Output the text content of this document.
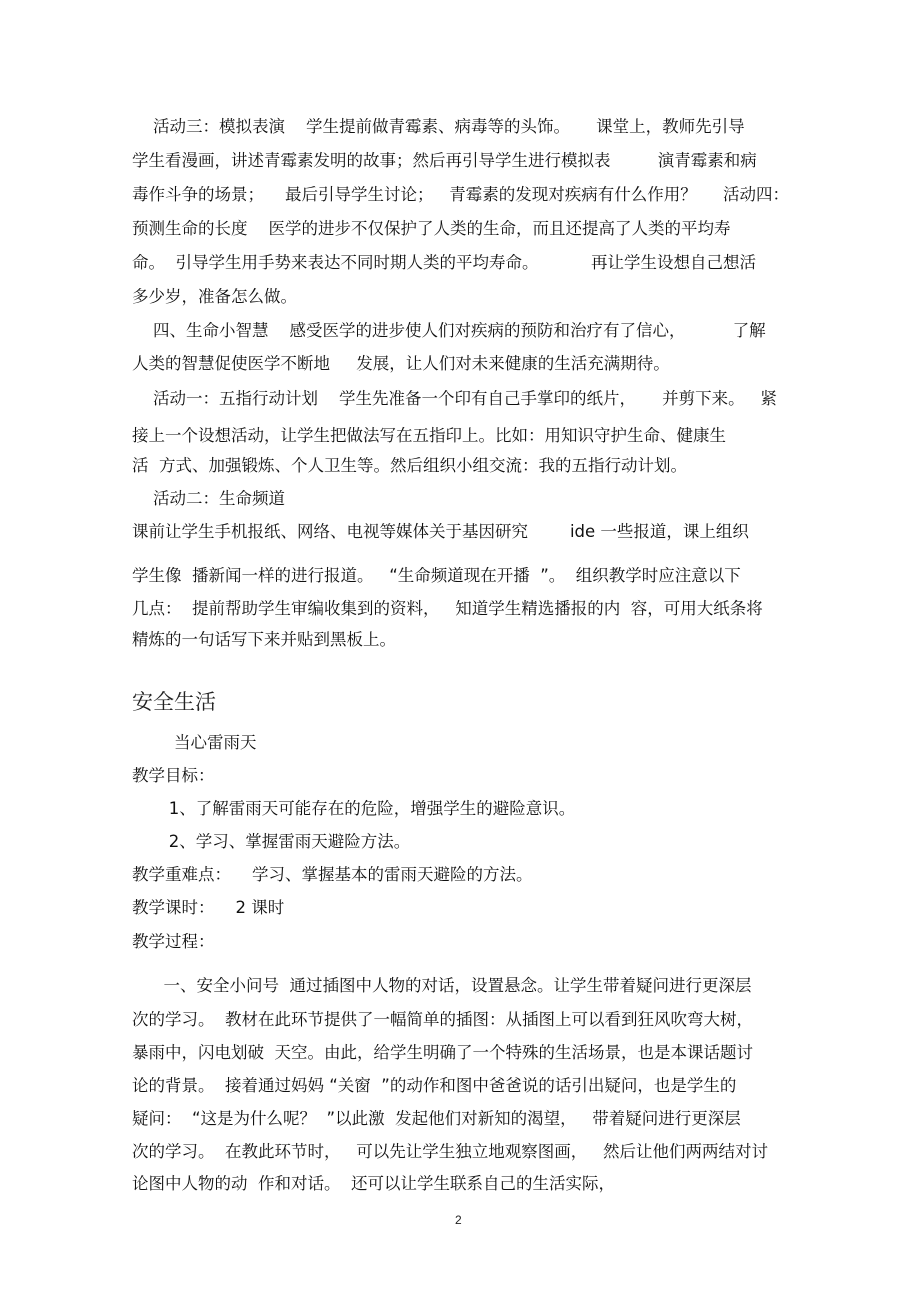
活动三：模拟表演    学生提前做青霉素、病毒等的头饰。     课堂上，教师先引导

学生看漫画，讲述青霉素发明的故事；然后再引导学生进行模拟表         演青霉素和病

毒作斗争的场景；    最后引导学生讨论；   青霉素的发现对疾病有什么作用？     活动四：

预测生命的长度    医学的进步不仅保护了人类的生命，而且还提高了人类的平均寿

命。  引导学生用手势来表达不同时期人类的平均寿命。          再让学生设想自己想活

多少岁，准备怎么做。

四、生命小智慧    感受医学的进步使人们对疾病的预防和治疗有了信心，         了解

人类的智慧促使医学不断地     发展，让人们对未来健康的生活充满期待。

活动一：五指行动计划    学生先准备一个印有自己手掌印的纸片，     并剪下来。   紧

接上一个设想活动，让学生把做法写在五指印上。比如：用知识守护生命、健康生

活  方式、加强锻炼、个人卫生等。然后组织小组交流：我的五指行动计划。

活动二：生命频道

课前让学生手机报纸、网络、电视等媒体关于基因研究        ide 一些报道，课上组织

学生像  播新闻一样的进行报道。   “生命频道现在开播  ”。  组织教学时应注意以下

几点：  提前帮助学生审编收集到的资料，   知道学生精选播报的内  容，可用大纸条将

精炼的一句话写下来并贴到黑板上。

安全生活

当心雷雨天

教学目标：

1、了解雷雨天可能存在的危险，增强学生的避险意识。

2、学习、掌握雷雨天避险方法。

教学重难点：    学习、掌握基本的雷雨天避险的方法。

教学课时：    2 课时

教学过程：

一、安全小问号  通过插图中人物的对话，设置悬念。让学生带着疑问进行更深层

次的学习。  教材在此环节提供了一幅简单的插图：从插图上可以看到狂风吹弯大树，

暴雨中，闪电划破  天空。由此，给学生明确了一个特殊的生活场景，也是本课话题讨

论的背景。  接着通过妈妈 “关窗  ”的动作和图中爸爸说的话引出疑问，也是学生的

疑问：  “这是为什么呢？  ”以此激  发起他们对新知的渴望，   带着疑问进行更深层

次的学习。  在教此环节时，   可以先让学生独立地观察图画，   然后让他们两两结对讨

论图中人物的动  作和对话。  还可以让学生联系自己的生活实际，

2
